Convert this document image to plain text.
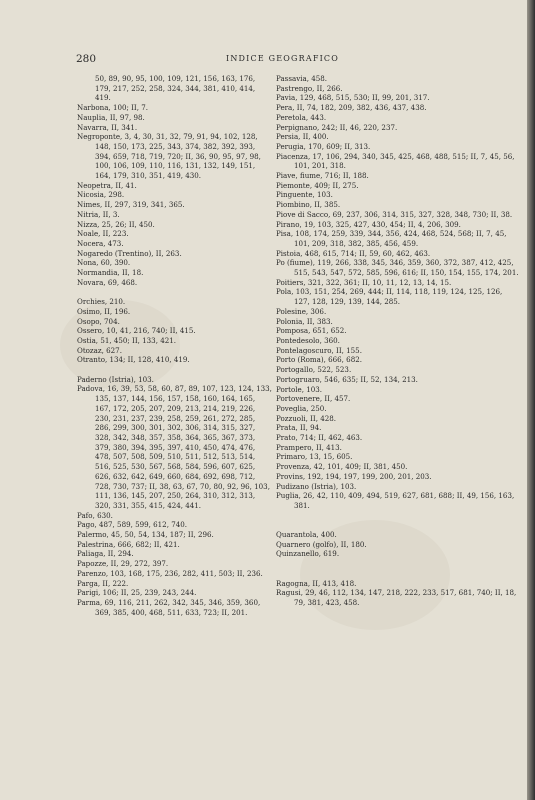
280	INDICE GEOGRAFICO
50, 89, 90, 95, 100, 109, 121, 156, 163, 176, 179, 217, 252, 258, 324, 344, 381, 410, 414, 419.
Narbona, 100; II, 7.
Nauplia, II, 97, 98.
Navarra, II, 341.
Negroponte, 3, 4, 30, 31, 32, 79, 91, 94, 102, 128, 148, 150, 173, 225, 343, 374, 382, 392, 393, 394, 659, 718, 719, 720; II, 36, 90, 95, 97, 98, 100, 106, 109, 110, 116, 131, 132, 149, 151, 164, 179, 310, 351, 419, 430.
Neopetra, II, 41.
Nicosia, 298.
Nimes, II, 297, 319, 341, 365.
Nitria, II, 3.
Nizza, 25, 26; II, 450.
Noale, II, 223.
Nocera, 473.
Nogaredo (Trentino), II, 263.
Nona, 60, 390.
Normandia, II, 18.
Novara, 69, 468.
Orchies, 210.
Osimo, II, 196.
Osopo, 704.
Ossero, 10, 41, 216, 740; II, 415.
Ostia, 51, 450; II, 133, 421.
Otozaz, 627.
Otranto, 134; II, 128, 410, 419.
Paderno (Istria), 103.
Padova, 16, 39, 53, 58, 60, 87, 89, 107, 123, 124, 133, 135, 137, 144, 156, 157, 158, 160, 164, 165, 167, 172, 205, 207, 209, 213, 214, 219, 226, 230, 231, 237, 239, 258, 259, 261, 272, 285, 286, 299, 300, 301, 302, 306, 314, 315, 327, 328, 342, 348, 357, 358, 364, 365, 367, 373, 379, 380, 394, 395, 397, 410, 450, 474, 476, 478, 507, 508, 509, 510, 511, 512, 513, 514, 516, 525, 530, 567, 568, 584, 596, 607, 625, 626, 632, 642, 649, 660, 684, 692, 698, 712, 728, 730, 737; II, 38, 63, 67, 70, 80, 92, 96, 103, 111, 136, 145, 207, 250, 264, 310, 312, 313, 320, 331, 355, 415, 424, 441.
Pafo, 630.
Pago, 487, 589, 599, 612, 740.
Palermo, 45, 50, 54, 134, 187; II, 296.
Palestrina, 666, 682; II, 421.
Paliaga, II, 294.
Papozze, II, 29, 272, 397.
Parenzo, 103, 168, 175, 236, 282, 411, 503; II, 236.
Parga, II, 222.
Parigi, 106; II, 25, 239, 243, 244.
Parma, 69, 116, 211, 262, 342, 345, 346, 359, 360, 369, 385, 400, 468, 511, 633, 723; II, 201.
Passavia, 458.
Pastrengo, II, 266.
Pavia, 129, 468, 515, 530; II, 99, 201, 317.
Pera, II, 74, 182, 209, 382, 436, 437, 438.
Peretola, 443.
Perpignano, 242; II, 46, 220, 237.
Persia, II, 400.
Perugia, 170, 609; II, 313.
Piacenza, 17, 106, 294, 340, 345, 425, 468, 488, 515; II, 7, 45, 56, 101, 201, 318.
Piave, fiume, 716; II, 188.
Piemonte, 409; II, 275.
Pinguente, 103.
Piombino, II, 385.
Piove di Sacco, 69, 237, 306, 314, 315, 327, 328, 348, 730; II, 38.
Pirano, 19, 103, 325, 427, 430, 454; II, 4, 206, 309.
Pisa, 108, 174, 259, 339, 344, 356, 424, 468, 524, 568; II, 7, 45, 101, 209, 318, 382, 385, 456, 459.
Pistoia, 468, 615, 714; II, 59, 60, 462, 463.
Po (fiume), 119, 266, 338, 345, 346, 359, 360, 372, 387, 412, 425, 515, 543, 547, 572, 585, 596, 616; II, 150, 154, 155, 174, 201.
Poitiers, 321, 322, 361; II, 10, 11, 12, 13, 14, 15.
Pola, 103, 151, 254, 269, 444; II, 114, 118, 119, 124, 125, 126, 127, 128, 129, 139, 144, 285.
Polesine, 306.
Polonia, II, 383.
Pomposa, 651, 652.
Pontedesolo, 360.
Pontelagoscuro, II, 155.
Porto (Roma), 666, 682.
Portogallo, 522, 523.
Portogruaro, 546, 635; II, 52, 134, 213.
Portole, 103.
Portovenere, II, 457.
Poveglia, 250.
Pozzuoli, II, 428.
Prata, II, 94.
Prato, 714; II, 462, 463.
Prampero, II, 413.
Primaro, 13, 15, 605.
Provenza, 42, 101, 409; II, 381, 450.
Provins, 192, 194, 197, 199, 200, 201, 203.
Pudizano (Istria), 103.
Puglia, 26, 42, 110, 409, 494, 519, 627, 681, 688; II, 49, 156, 163, 381.
Quarantola, 400.
Quarnero (golfo), II, 180.
Quinzanello, 619.
Ragogna, II, 413, 418.
Ragusi, 29, 46, 112, 134, 147, 218, 222, 233, 517, 681, 740; II, 18, 79, 381, 423, 458.
